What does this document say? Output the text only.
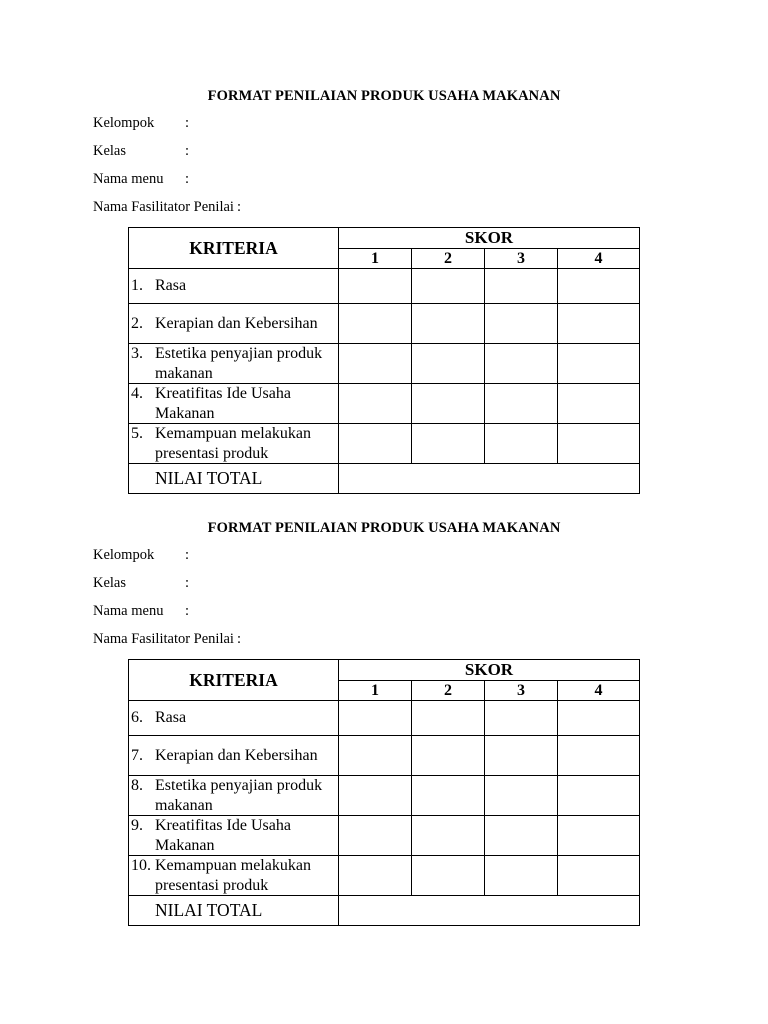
FORMAT PENILAIAN PRODUK USAHA MAKANAN
Kelompok :
Kelas	:
Nama menu :
Nama Fasilitator Penilai :
KRITERIA	SKOR			
	1	2	3	4

1. Rasa				

2. Kerapian dan Kebersihan				

3. Estetika penyajian produk makanan				

4. Kreatifitas Ide Usaha Makanan				

5. Kemampuan melakukan presentasi produk				

NILAI TOTAL				
FORMAT PENILAIAN PRODUK USAHA MAKANAN
Kelompok :
Kelas	:
Nama menu :
Nama Fasilitator Penilai :
KRITERIA	SKOR			
	1	2	3	4

6. Rasa				

7. Kerapian dan Kebersihan				

8. Estetika penyajian produk makanan				

9. Kreatifitas Ide Usaha Makanan				

10. Kemampuan melakukan presentasi produk				

NILAI TOTAL				
